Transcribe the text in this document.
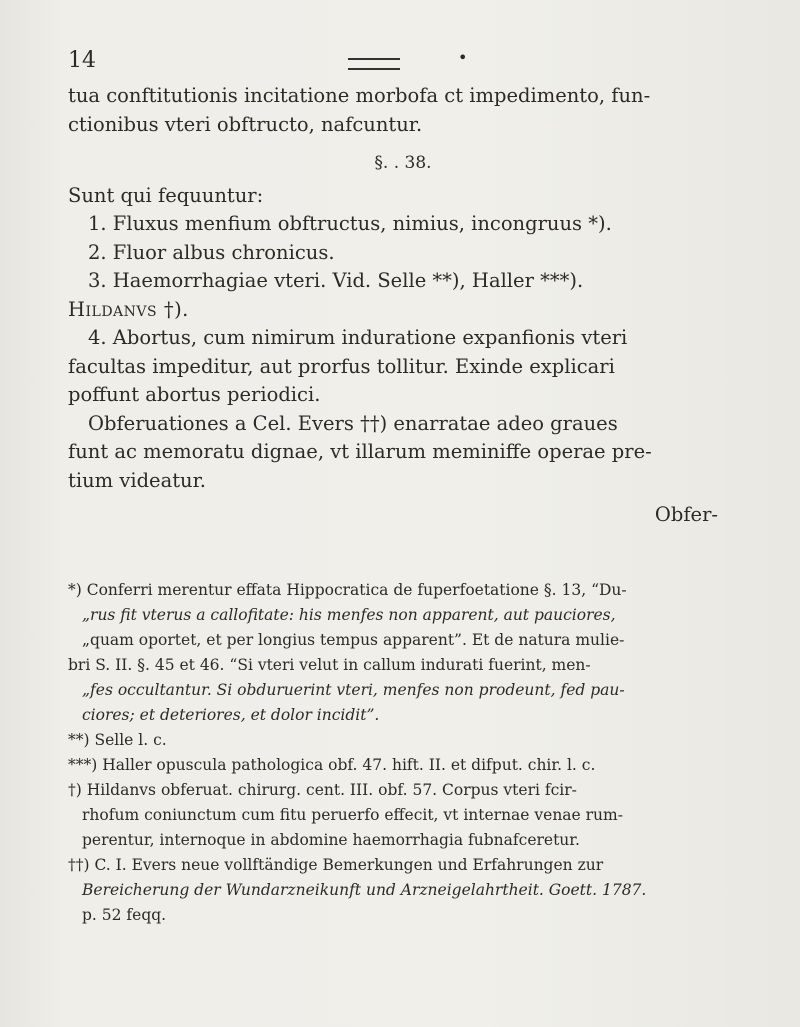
14	•

tua conftitutionis incitatione morbofa ct impedimento, fun-

ctionibus vteri obftructo, nafcuntur.

§. . 38.

Sunt qui fequuntur:

1. Fluxus menfium obftructus, nimius, incongruus *).

2. Fluor albus chronicus.

3. Haemorrhagiae vteri. Vid. Selle **), Haller ***).

Hildanvs †).

4. Abortus, cum nimirum induratione expanfionis vteri

facultas impeditur, aut prorfus tollitur. Exinde explicari

poffunt abortus periodici.

Obferuationes a Cel. Evers ††) enarratae adeo graues

funt ac memoratu dignae, vt illarum meminiffe operae pre-

tium videatur.

Obfer-

*) Conferri merentur effata Hippocratica de fuperfoetatione §. 13, “Du-

„rus fit vterus a callofitate: his menfes non apparent, aut pauciores,

„quam oportet, et per longius tempus apparent”. Et de natura mulie-

bri S. II. §. 45 et 46. “Si vteri velut in callum indurati fuerint, men-

„fes occultantur. Si obduruerint vteri, menfes non prodeunt, fed pau-

ciores; et deteriores, et dolor incidit”.

**) Selle l. c.

***) Haller opuscula pathologica obf. 47. hift. II. et difput. chir. l. c.

†) Hildanvs obferuat. chirurg. cent. III. obf. 57. Corpus vteri fcir-

rhofum coniunctum cum fitu peruerfo effecit, vt internae venae rum-

perentur, internoque in abdomine haemorrhagia fubnafceretur.

††) C. I. Evers neue vollftändige Bemerkungen und Erfahrungen zur

Bereicherung der Wundarzneikunft und Arzneigelahrtheit. Goett. 1787.

p. 52 feqq.
